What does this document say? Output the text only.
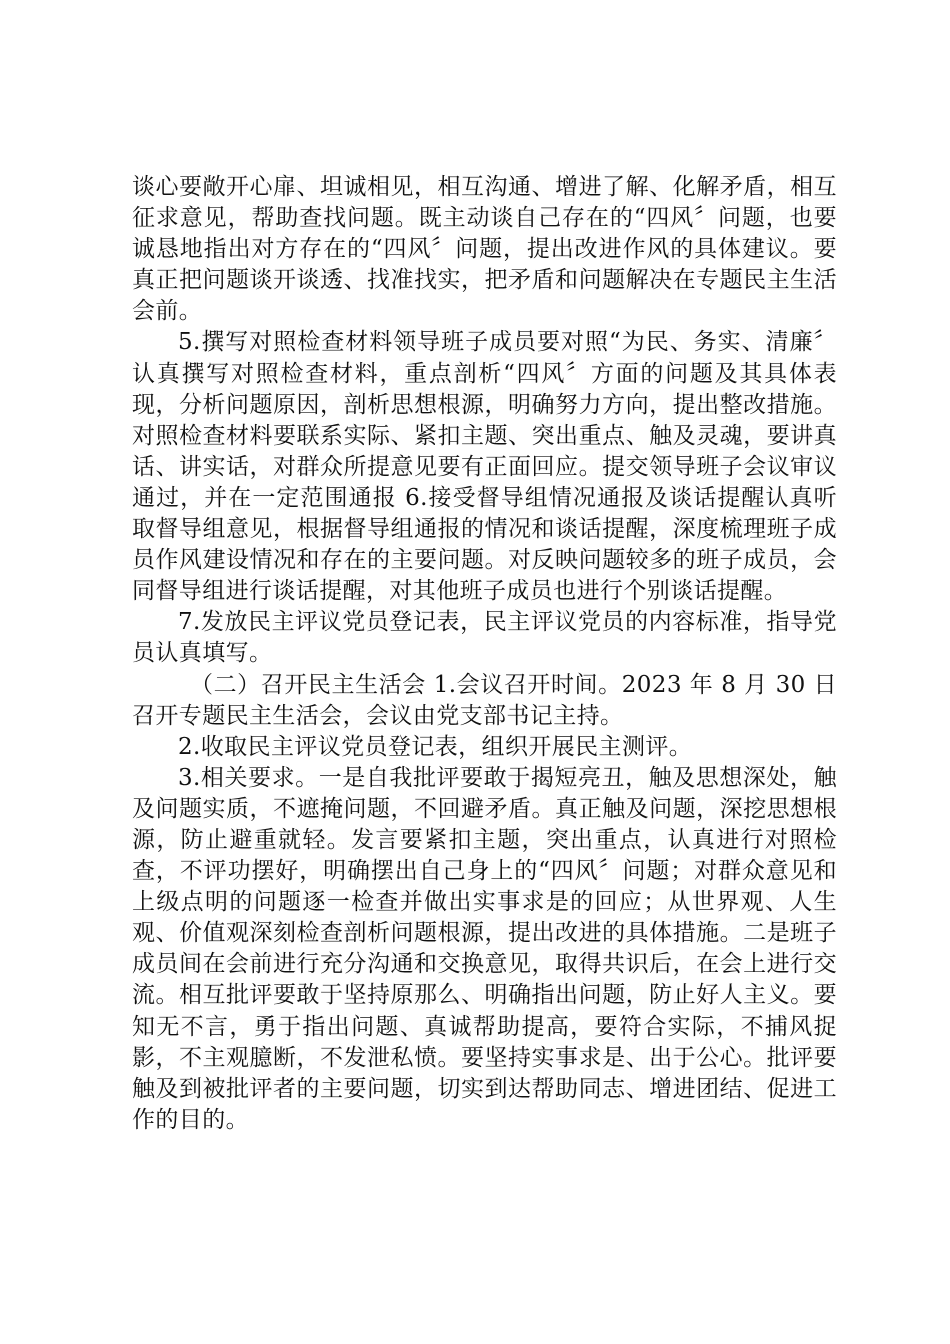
谈心要敞开心扉、坦诚相见，相互沟通、增进了解、化解矛盾，相互征求意见，帮助查找问题。既主动谈自己存在的“四风〞问题，也要诚恳地指出对方存在的“四风〞问题，提出改进作风的具体建议。要真正把问题谈开谈透、找准找实，把矛盾和问题解决在专题民主生活会前。

5.撰写对照检查材料领导班子成员要对照“为民、务实、清廉〞认真撰写对照检查材料，重点剖析“四风〞方面的问题及其具体表现，分析问题原因，剖析思想根源，明确努力方向，提出整改措施。对照检查材料要联系实际、紧扣主题、突出重点、触及灵魂，要讲真话、讲实话，对群众所提意见要有正面回应。提交领导班子会议审议通过，并在一定范围通报 6.接受督导组情况通报及谈话提醒认真听取督导组意见，根据督导组通报的情况和谈话提醒，深度梳理班子成员作风建设情况和存在的主要问题。对反映问题较多的班子成员，会同督导组进行谈话提醒，对其他班子成员也进行个别谈话提醒。

7.发放民主评议党员登记表，民主评议党员的内容标准，指导党员认真填写。

（二）召开民主生活会 1.会议召开时间。2023 年 8 月 30 日召开专题民主生活会，会议由党支部书记主持。

2.收取民主评议党员登记表，组织开展民主测评。

3.相关要求。一是自我批评要敢于揭短亮丑，触及思想深处，触及问题实质，不遮掩问题，不回避矛盾。真正触及问题，深挖思想根源，防止避重就轻。发言要紧扣主题，突出重点，认真进行对照检查，不评功摆好，明确摆出自己身上的“四风〞问题；对群众意见和上级点明的问题逐一检查并做出实事求是的回应；从世界观、人生观、价值观深刻检查剖析问题根源，提出改进的具体措施。二是班子成员间在会前进行充分沟通和交换意见，取得共识后，在会上进行交流。相互批评要敢于坚持原那么、明确指出问题，防止好人主义。要知无不言，勇于指出问题、真诚帮助提高，要符合实际，不捕风捉影，不主观臆断，不发泄私愤。要坚持实事求是、出于公心。批评要触及到被批评者的主要问题，切实到达帮助同志、增进团结、促进工作的目的。
